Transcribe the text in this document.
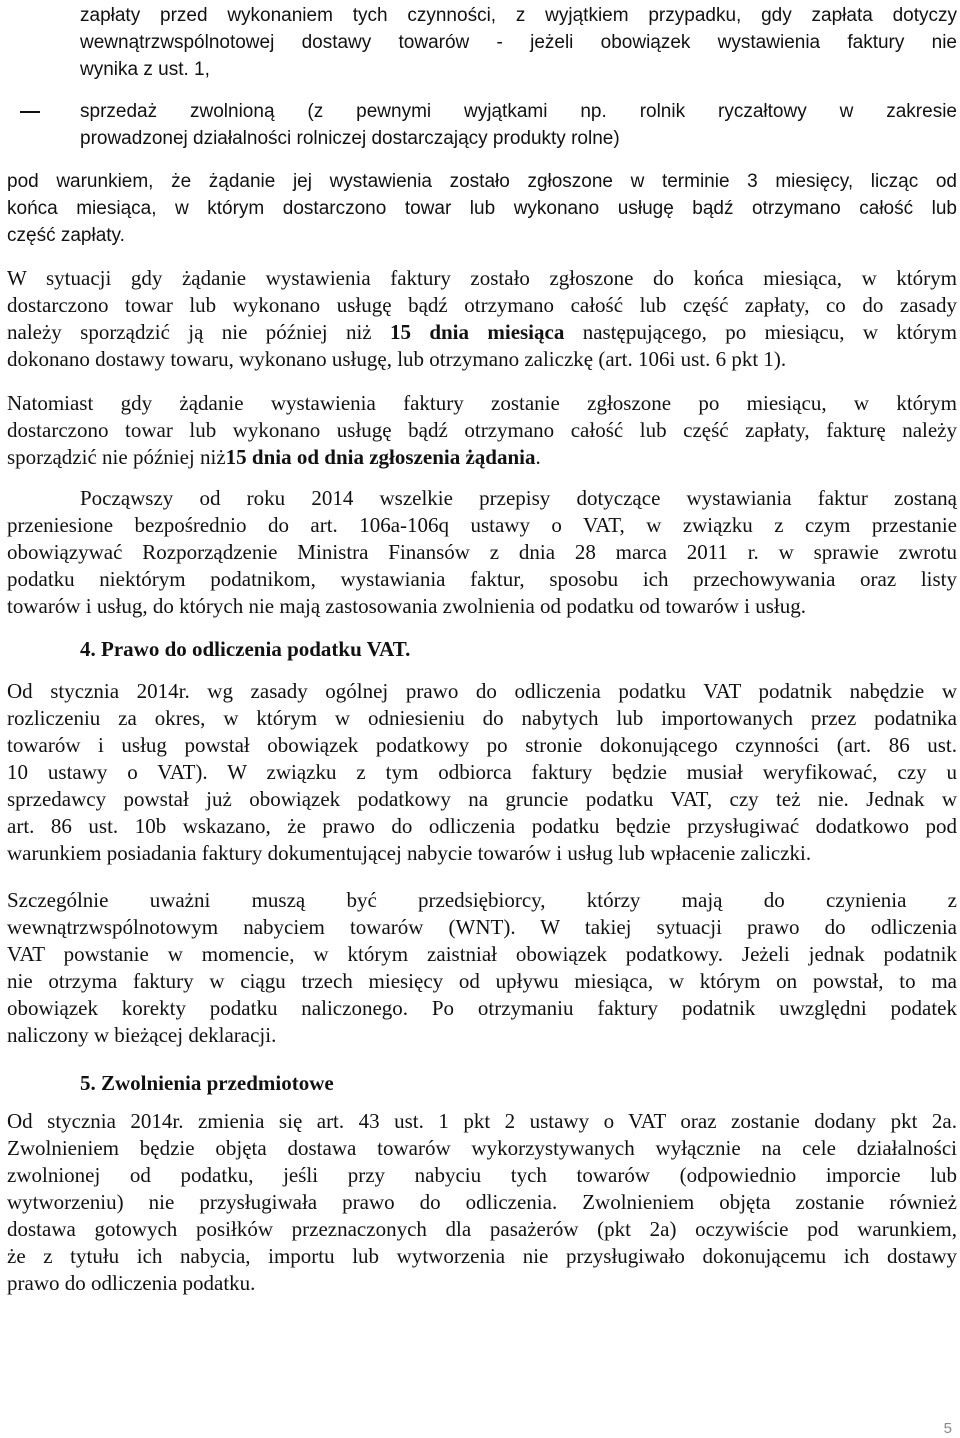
zapłaty przed wykonaniem tych czynności, z wyjątkiem przypadku, gdy zapłata dotyczy
wewnątrzwspólnotowej dostawy towarów - jeżeli obowiązek wystawienia faktury nie
wynika z ust. 1,
sprzedaż zwolnioną (z pewnymi wyjątkami np. rolnik ryczałtowy w zakresie
prowadzonej działalności rolniczej dostarczający produkty rolne)
pod warunkiem, że żądanie jej wystawienia zostało zgłoszone w terminie 3 miesięcy, licząc od
końca miesiąca, w którym dostarczono towar lub wykonano usługę bądź otrzymano całość lub
część zapłaty.
W sytuacji gdy żądanie wystawienia faktury zostało zgłoszone do końca miesiąca, w którym
dostarczono towar lub wykonano usługę bądź otrzymano całość lub część zapłaty, co do zasady
należy sporządzić ją nie później niż 15 dnia miesiąca następującego, po miesiącu, w którym
dokonano dostawy towaru, wykonano usługę, lub otrzymano zaliczkę (art. 106i ust. 6 pkt 1).
Natomiast gdy żądanie wystawienia faktury zostanie zgłoszone po miesiącu, w którym
dostarczono towar lub wykonano usługę bądź otrzymano całość lub część zapłaty, fakturę należy
sporządzić nie później niż15 dnia od dnia zgłoszenia żądania.
Począwszy od roku 2014 wszelkie przepisy dotyczące wystawiania faktur zostaną
przeniesione bezpośrednio do art. 106a-106q ustawy o VAT, w związku z czym przestanie
obowiązywać Rozporządzenie Ministra Finansów z dnia 28 marca 2011 r. w sprawie zwrotu
podatku niektórym podatnikom, wystawiania faktur, sposobu ich przechowywania oraz listy
towarów i usług, do których nie mają zastosowania zwolnienia od podatku od towarów i usług.
4. Prawo do odliczenia podatku VAT.
Od stycznia 2014r. wg zasady ogólnej prawo do odliczenia podatku VAT podatnik nabędzie w
rozliczeniu za okres, w którym w odniesieniu do nabytych lub importowanych przez podatnika
towarów i usług powstał obowiązek podatkowy po stronie dokonującego czynności (art. 86 ust.
10 ustawy o VAT). W związku z tym odbiorca faktury będzie musiał weryfikować, czy u
sprzedawcy powstał już obowiązek podatkowy na gruncie podatku VAT, czy też nie. Jednak w
art. 86 ust. 10b wskazano, że prawo do odliczenia podatku będzie przysługiwać dodatkowo pod
warunkiem posiadania faktury dokumentującej nabycie towarów i usług lub wpłacenie zaliczki.
Szczególnie uważni muszą być przedsiębiorcy, którzy mają do czynienia z
wewnątrzwspólnotowym nabyciem towarów (WNT). W takiej sytuacji prawo do odliczenia
VAT powstanie w momencie, w którym zaistniał obowiązek podatkowy. Jeżeli jednak podatnik
nie otrzyma faktury w ciągu trzech miesięcy od upływu miesiąca, w którym on powstał, to ma
obowiązek korekty podatku naliczonego. Po otrzymaniu faktury podatnik uwzględni podatek
naliczony w bieżącej deklaracji.
5. Zwolnienia przedmiotowe
Od stycznia 2014r. zmienia się art. 43 ust. 1 pkt 2 ustawy o VAT oraz zostanie dodany pkt 2a.
Zwolnieniem będzie objęta dostawa towarów wykorzystywanych wyłącznie na cele działalności
zwolnionej od podatku, jeśli przy nabyciu tych towarów (odpowiednio imporcie lub
wytworzeniu) nie przysługiwała prawo do odliczenia. Zwolnieniem objęta zostanie również
dostawa gotowych posiłków przeznaczonych dla pasażerów (pkt 2a) oczywiście pod warunkiem,
że z tytułu ich nabycia, importu lub wytworzenia nie przysługiwało dokonującemu ich dostawy
prawo do odliczenia podatku.
5
